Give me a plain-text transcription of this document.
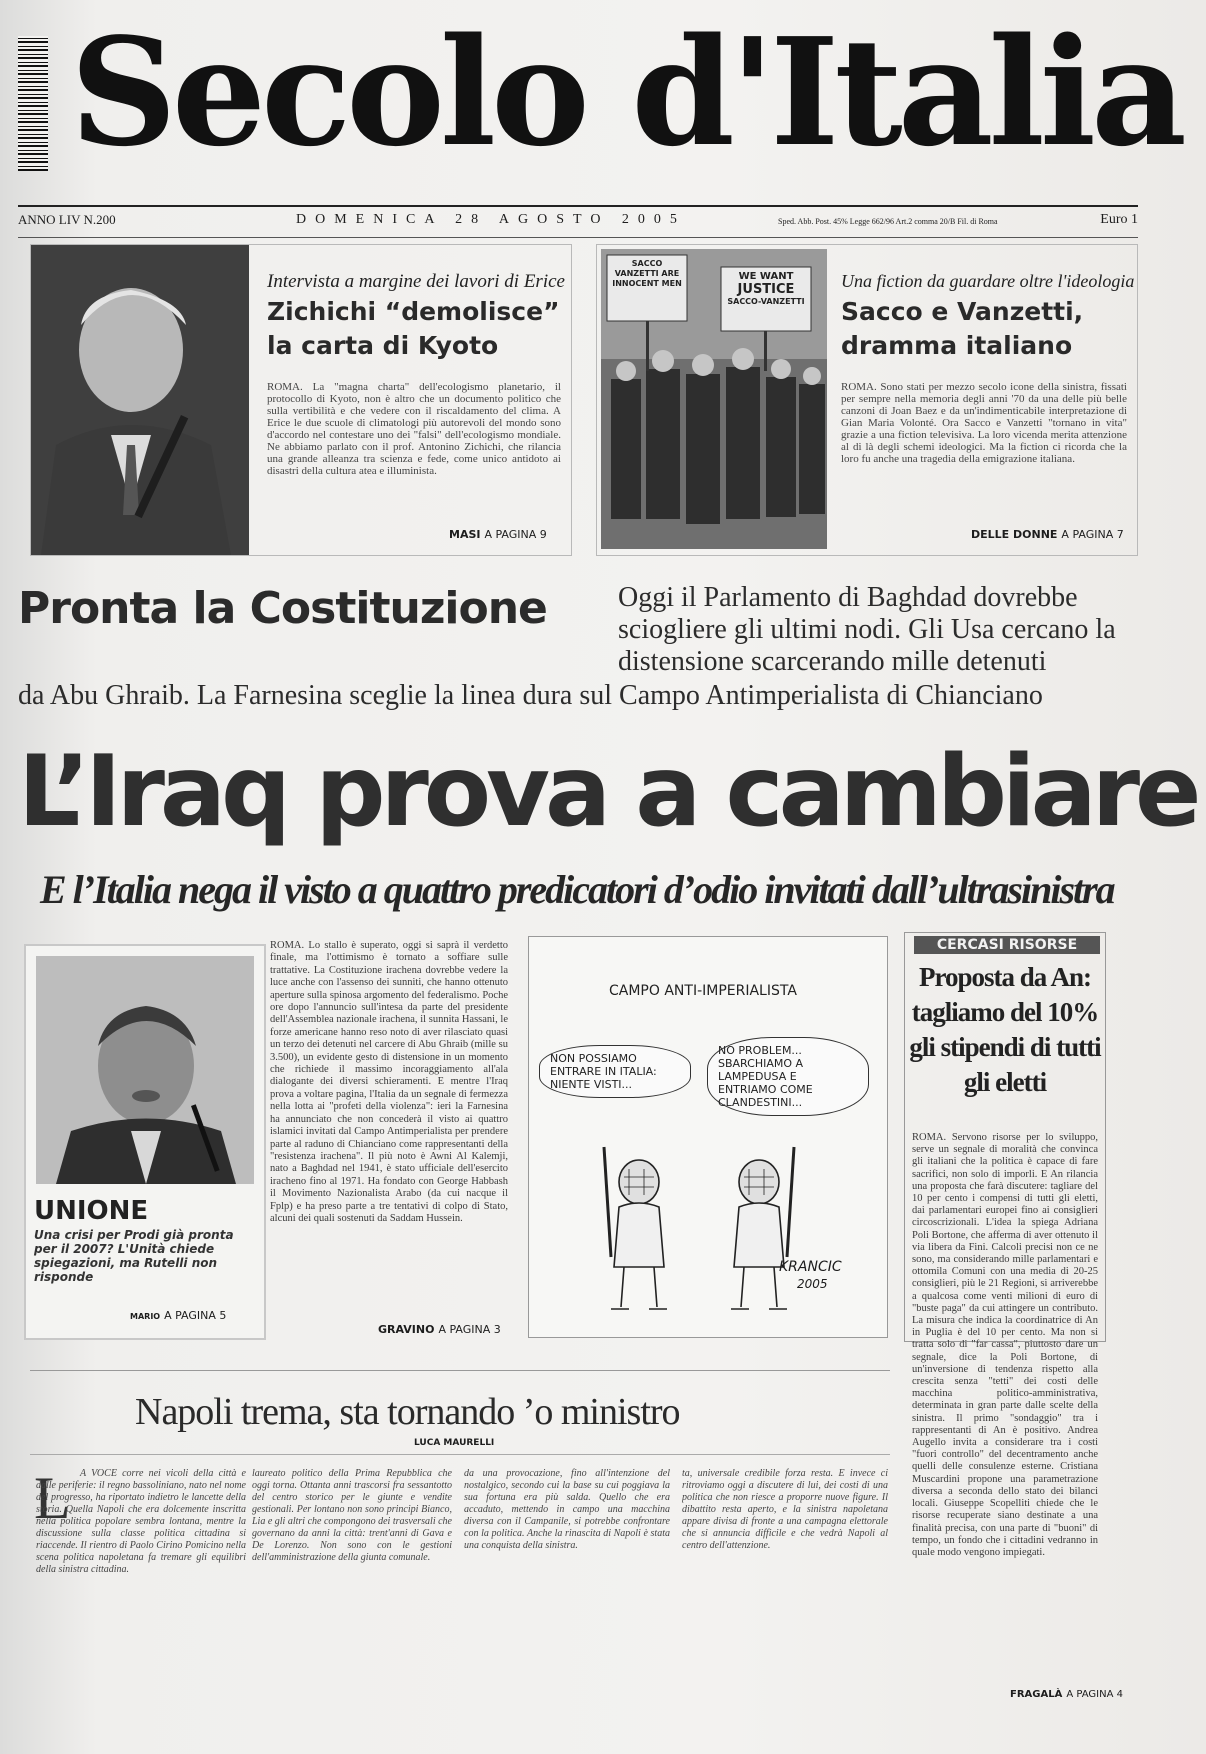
Secolo d'Italia
ANNO LIV N.200	DOMENICA 28 AGOSTO 2005	Sped. Abb. Post. 45% Legge 662/96 Art.2 comma 20/B Fil. di Roma	Euro 1
Intervista a margine dei lavori di Erice
Zichichi “demolisce”
la carta di Kyoto
ROMA. La "magna charta" dell'ecologismo planetario, il protocollo di Kyoto, non è altro che un documento politico che sulla vertibilità e che vedere con il riscaldamento del clima. A Erice le due scuole di climatologi più autorevoli del mondo sono d'accordo nel contestare uno dei "falsi" dell'ecologismo mondiale. Ne abbiamo parlato con il prof. Antonino Zichichi, che rilancia una grande alleanza tra scienza e fede, come unico antidoto ai disastri della cultura atea e illuminista.
MASI A PAGINA 9
SACCO VANZETTI ARE INNOCENT MEN
WE WANT
JUSTICE
SACCO-VANZETTI
Una fiction da guardare oltre l'ideologia
Sacco e Vanzetti,
dramma italiano
ROMA. Sono stati per mezzo secolo icone della sinistra, fissati per sempre nella memoria degli anni '70 da una delle più belle canzoni di Joan Baez e da un'indimenticabile interpretazione di Gian Maria Volonté. Ora Sacco e Vanzetti "tornano in vita" grazie a una fiction televisiva. La loro vicenda merita attenzione al di là degli schemi ideologici. Ma la fiction ci ricorda che la loro fu anche una tragedia della emigrazione italiana.
DELLE DONNE A PAGINA 7
Pronta la Costituzione	Oggi il Parlamento di Baghdad dovrebbe sciogliere gli ultimi nodi. Gli Usa cercano la distensione scarcerando mille detenuti
da Abu Ghraib. La Farnesina sceglie la linea dura sul Campo Antimperialista di Chianciano
L’Iraq prova a cambiare
E l’Italia nega il visto a quattro predicatori d’odio invitati dall’ultrasinistra
UNIONE
Una crisi per Prodi già pronta per il 2007? L'Unità chiede spiegazioni, ma Rutelli non risponde
MARIO A PAGINA 5
ROMA. Lo stallo è superato, oggi si saprà il verdetto finale, ma l'ottimismo è tornato a soffiare sulle trattative. La Costituzione irachena dovrebbe vedere la luce anche con l'assenso dei sunniti, che hanno ottenuto aperture sulla spinosa argomento del federalismo. Poche ore dopo l'annuncio sull'intesa da parte del presidente dell'Assemblea nazionale irachena, il sunnita Hassani, le forze americane hanno reso noto di aver rilasciato quasi un terzo dei detenuti nel carcere di Abu Ghraib (mille su 3.500), un evidente gesto di distensione in un momento che richiede il massimo incoraggiamento all'ala dialogante dei diversi schieramenti. E mentre l'Iraq prova a voltare pagina, l'Italia da un segnale di fermezza nella lotta ai "profeti della violenza": ieri la Farnesina ha annunciato che non concederà il visto ai quattro islamici invitati dal Campo Antimperialista per prendere parte al raduno di Chianciano come rappresentanti della "resistenza irachena". Il più noto è Awni Al Kalemji, nato a Baghdad nel 1941, è stato ufficiale dell'esercito iracheno fino al 1971. Ha fondato con George Habbash il Movimento Nazionalista Arabo (da cui nacque il Fplp) e ha preso parte a tre tentativi di colpo di Stato, alcuni dei quali sostenuti da Saddam Hussein.
GRAVINO A PAGINA 3
CAMPO ANTI-IMPERIALISTA
NON POSSIAMO ENTRARE IN ITALIA: NIENTE VISTI...
NO PROBLEM... SBARCHIAMO A LAMPEDUSA E ENTRIAMO COME CLANDESTINI...
KRANCIC
2005
CERCASI RISORSE
Proposta da An: tagliamo del 10% gli stipendi di tutti gli eletti
ROMA. Servono risorse per lo sviluppo, serve un segnale di moralità che convinca gli italiani che la politica è capace di fare sacrifici, non solo di imporli. E An rilancia una proposta che farà discutere: tagliare del 10 per cento i compensi di tutti gli eletti, dai parlamentari europei fino ai consiglieri circoscrizionali. L'idea la spiega Adriana Poli Bortone, che afferma di aver ottenuto il via libera da Fini. Calcoli precisi non ce ne sono, ma considerando mille parlamentari e ottomila Comuni con una media di 20-25 consiglieri, più le 21 Regioni, si arriverebbe a qualcosa come venti milioni di euro di "buste paga" da cui attingere un contributo. La misura che indica la coordinatrice di An in Puglia è del 10 per cento. Ma non si tratta solo di "far cassa", piuttosto dare un segnale, dice la Poli Bortone, di un'inversione di tendenza rispetto alla crescita senza "tetti" dei costi delle macchina politico-amministrativa, determinata in gran parte dalle scelte della sinistra. Il primo "sondaggio" tra i rappresentanti di An è positivo. Andrea Augello invita a considerare tra i costi "fuori controllo" del decentramento anche quelli delle consulenze esterne. Cristiana Muscardini propone una parametrazione diversa a seconda dello stato dei bilanci locali. Giuseppe Scopelliti chiede che le risorse recuperate siano destinate a una finalità precisa, con una parte di "buoni" di tempo, un fondo che i cittadini vedranno in quale modo vengono impiegati.
FRAGALÀ A PAGINA 4
Napoli trema, sta tornando ’o ministro
LUCA MAURELLI
L A VOCE corre nei vicoli della città e dalle periferie: il regno bassoliniano, nato nel nome del progresso, ha riportato indietro le lancette della storia. Quella Napoli che era dolcemente inscritta nella politica popolare sembra lontana, mentre la discussione sulla classe politica cittadina si riaccende. Il rientro di Paolo Cirino Pomicino nella scena politica napoletana fa tremare gli equilibri della sinistra cittadina.
laureato politico della Prima Repubblica che oggi torna. Ottanta anni trascorsi fra sessantotto del centro storico per le giunte e vendite gestionali. Per lontano non sono principi Bianco, Lia e gli altri che compongono dei trasversali che governano da anni la città: trent'anni di Gava e De Lorenzo. Non sono con le gestioni dell'amministrazione della giunta comunale.
da una provocazione, fino all'intenzione del nostalgico, secondo cui la base su cui poggiava la sua fortuna era più salda. Quello che era accaduto, mettendo in campo una macchina diversa con il Campanile, si potrebbe confrontare con la politica. Anche la rinascita di Napoli è stata una conquista della sinistra.
ta, universale credibile forza resta. E invece ci ritroviamo oggi a discutere di lui, dei costi di una politica che non riesce a proporre nuove figure. Il dibattito resta aperto, e la sinistra napoletana appare divisa di fronte a una campagna elettorale che si annuncia difficile e che vedrà Napoli al centro dell'attenzione.
